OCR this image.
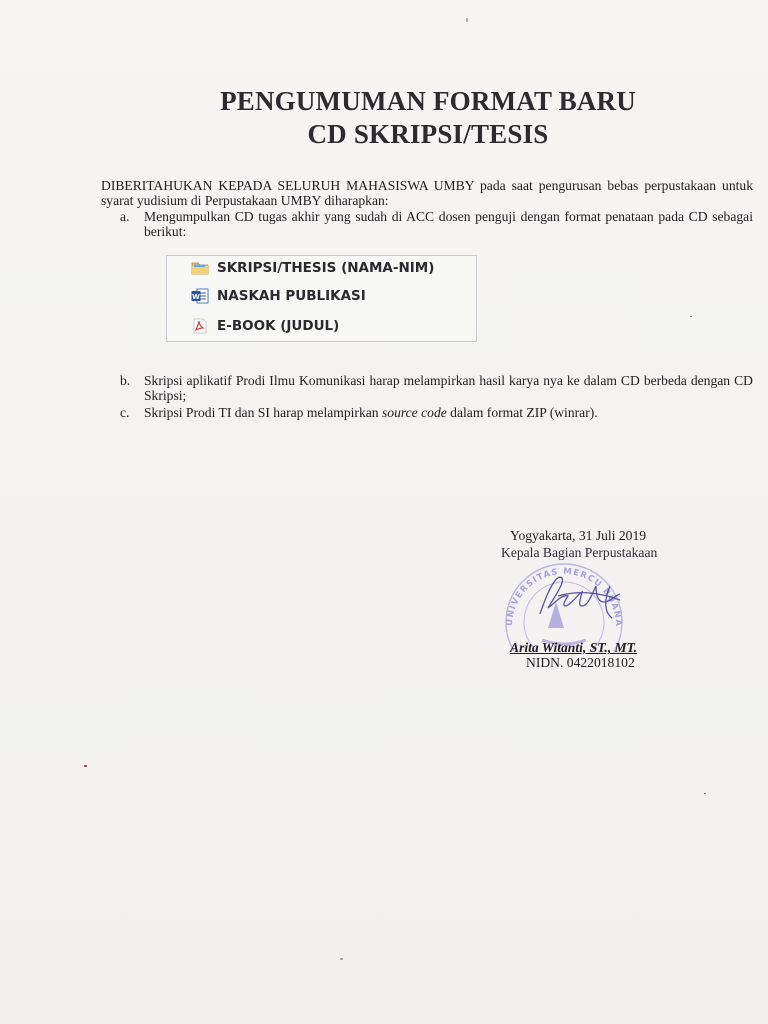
PENGUMUMAN FORMAT BARU
CD SKRIPSI/TESIS
DIBERITAHUKAN KEPADA SELURUH MAHASISWA UMBY pada saat pengurusan bebas perpustakaan untuk syarat yudisium di Perpustakaan UMBY diharapkan:
a. Mengumpulkan CD tugas akhir yang sudah di ACC dosen penguji dengan format penataan pada CD sebagai berikut:
SKRIPSI/THESIS (NAMA-NIM)
W NASKAH PUBLIKASI
E-BOOK (JUDUL)
b. Skripsi aplikatif Prodi Ilmu Komunikasi harap melampirkan hasil karya nya ke dalam CD berbeda dengan CD Skripsi;
c. Skripsi Prodi TI dan SI harap melampirkan source code dalam format ZIP (winrar).
Yogyakarta, 31 Juli 2019
Kepala Bagian Perpustakaan
UNIVERSITAS MERCU BUANA
Arita Witanti, ST., MT.
NIDN. 0422018102
